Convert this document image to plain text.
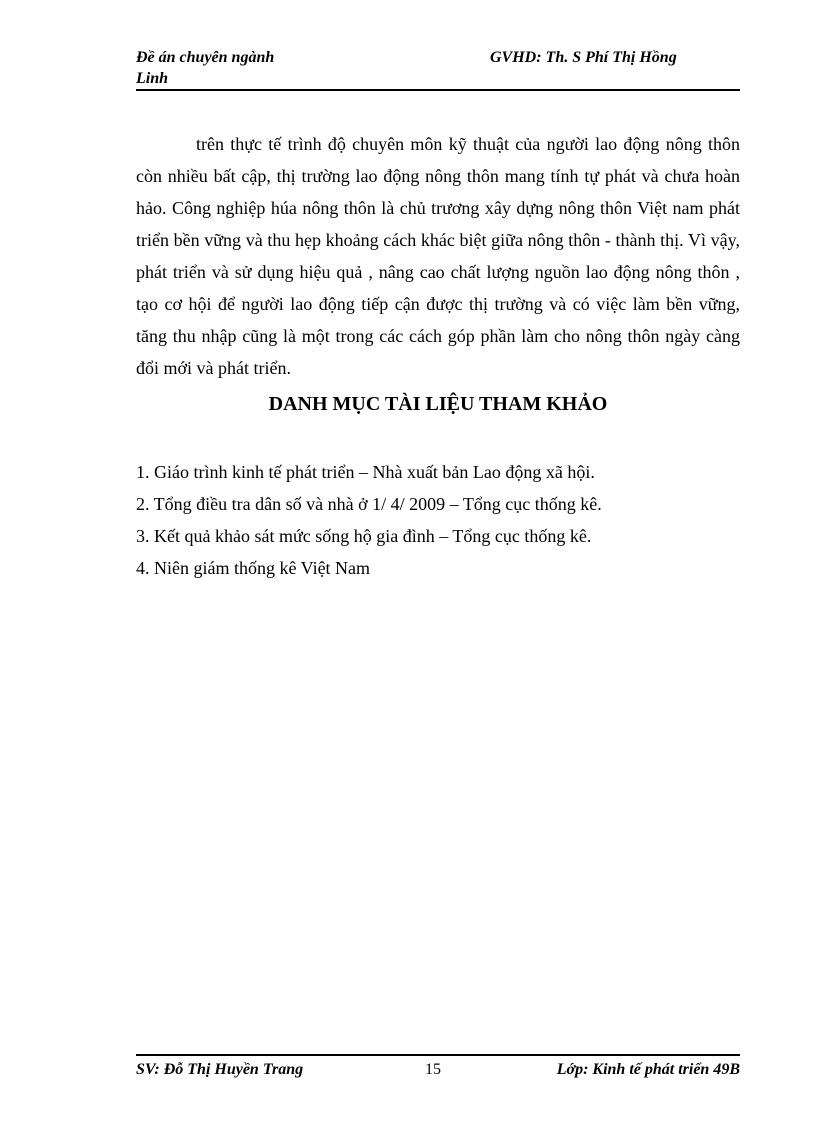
Đề án chuyên ngành
Linh
GVHD: Th. S Phí Thị Hồng

trên thực tế trình độ chuyên môn kỹ thuật của người lao động nông thôn còn nhiều bất cập, thị trường lao động nông thôn mang tính tự phát và chưa hoàn hảo. Công nghiệp húa nông thôn là chủ trương xây dựng nông thôn Việt nam phát triển bền vững và thu hẹp khoảng cách khác biệt giữa nông thôn - thành thị. Vì vậy, phát triển và sử dụng hiệu quả , nâng cao chất lượng nguồn lao động nông thôn , tạo cơ hội để người lao động tiếp cận được thị trường và có việc làm bền vững, tăng thu nhập cũng là một trong các cách góp phần làm cho nông thôn ngày càng đổi mới và phát triển.

DANH MỤC TÀI LIỆU THAM KHẢO
1. Giáo trình kinh tế phát triển – Nhà xuất bản Lao động xã hội.
2. Tổng điều tra dân số và nhà ở 1/ 4/ 2009 – Tổng cục thống kê.
3. Kết quả khảo sát mức sống hộ gia đình – Tổng cục thống kê.
4. Niên giám thống kê Việt Nam
SV: Đỗ Thị Huyền Trang	15	Lớp: Kinh tế phát triển 49B
